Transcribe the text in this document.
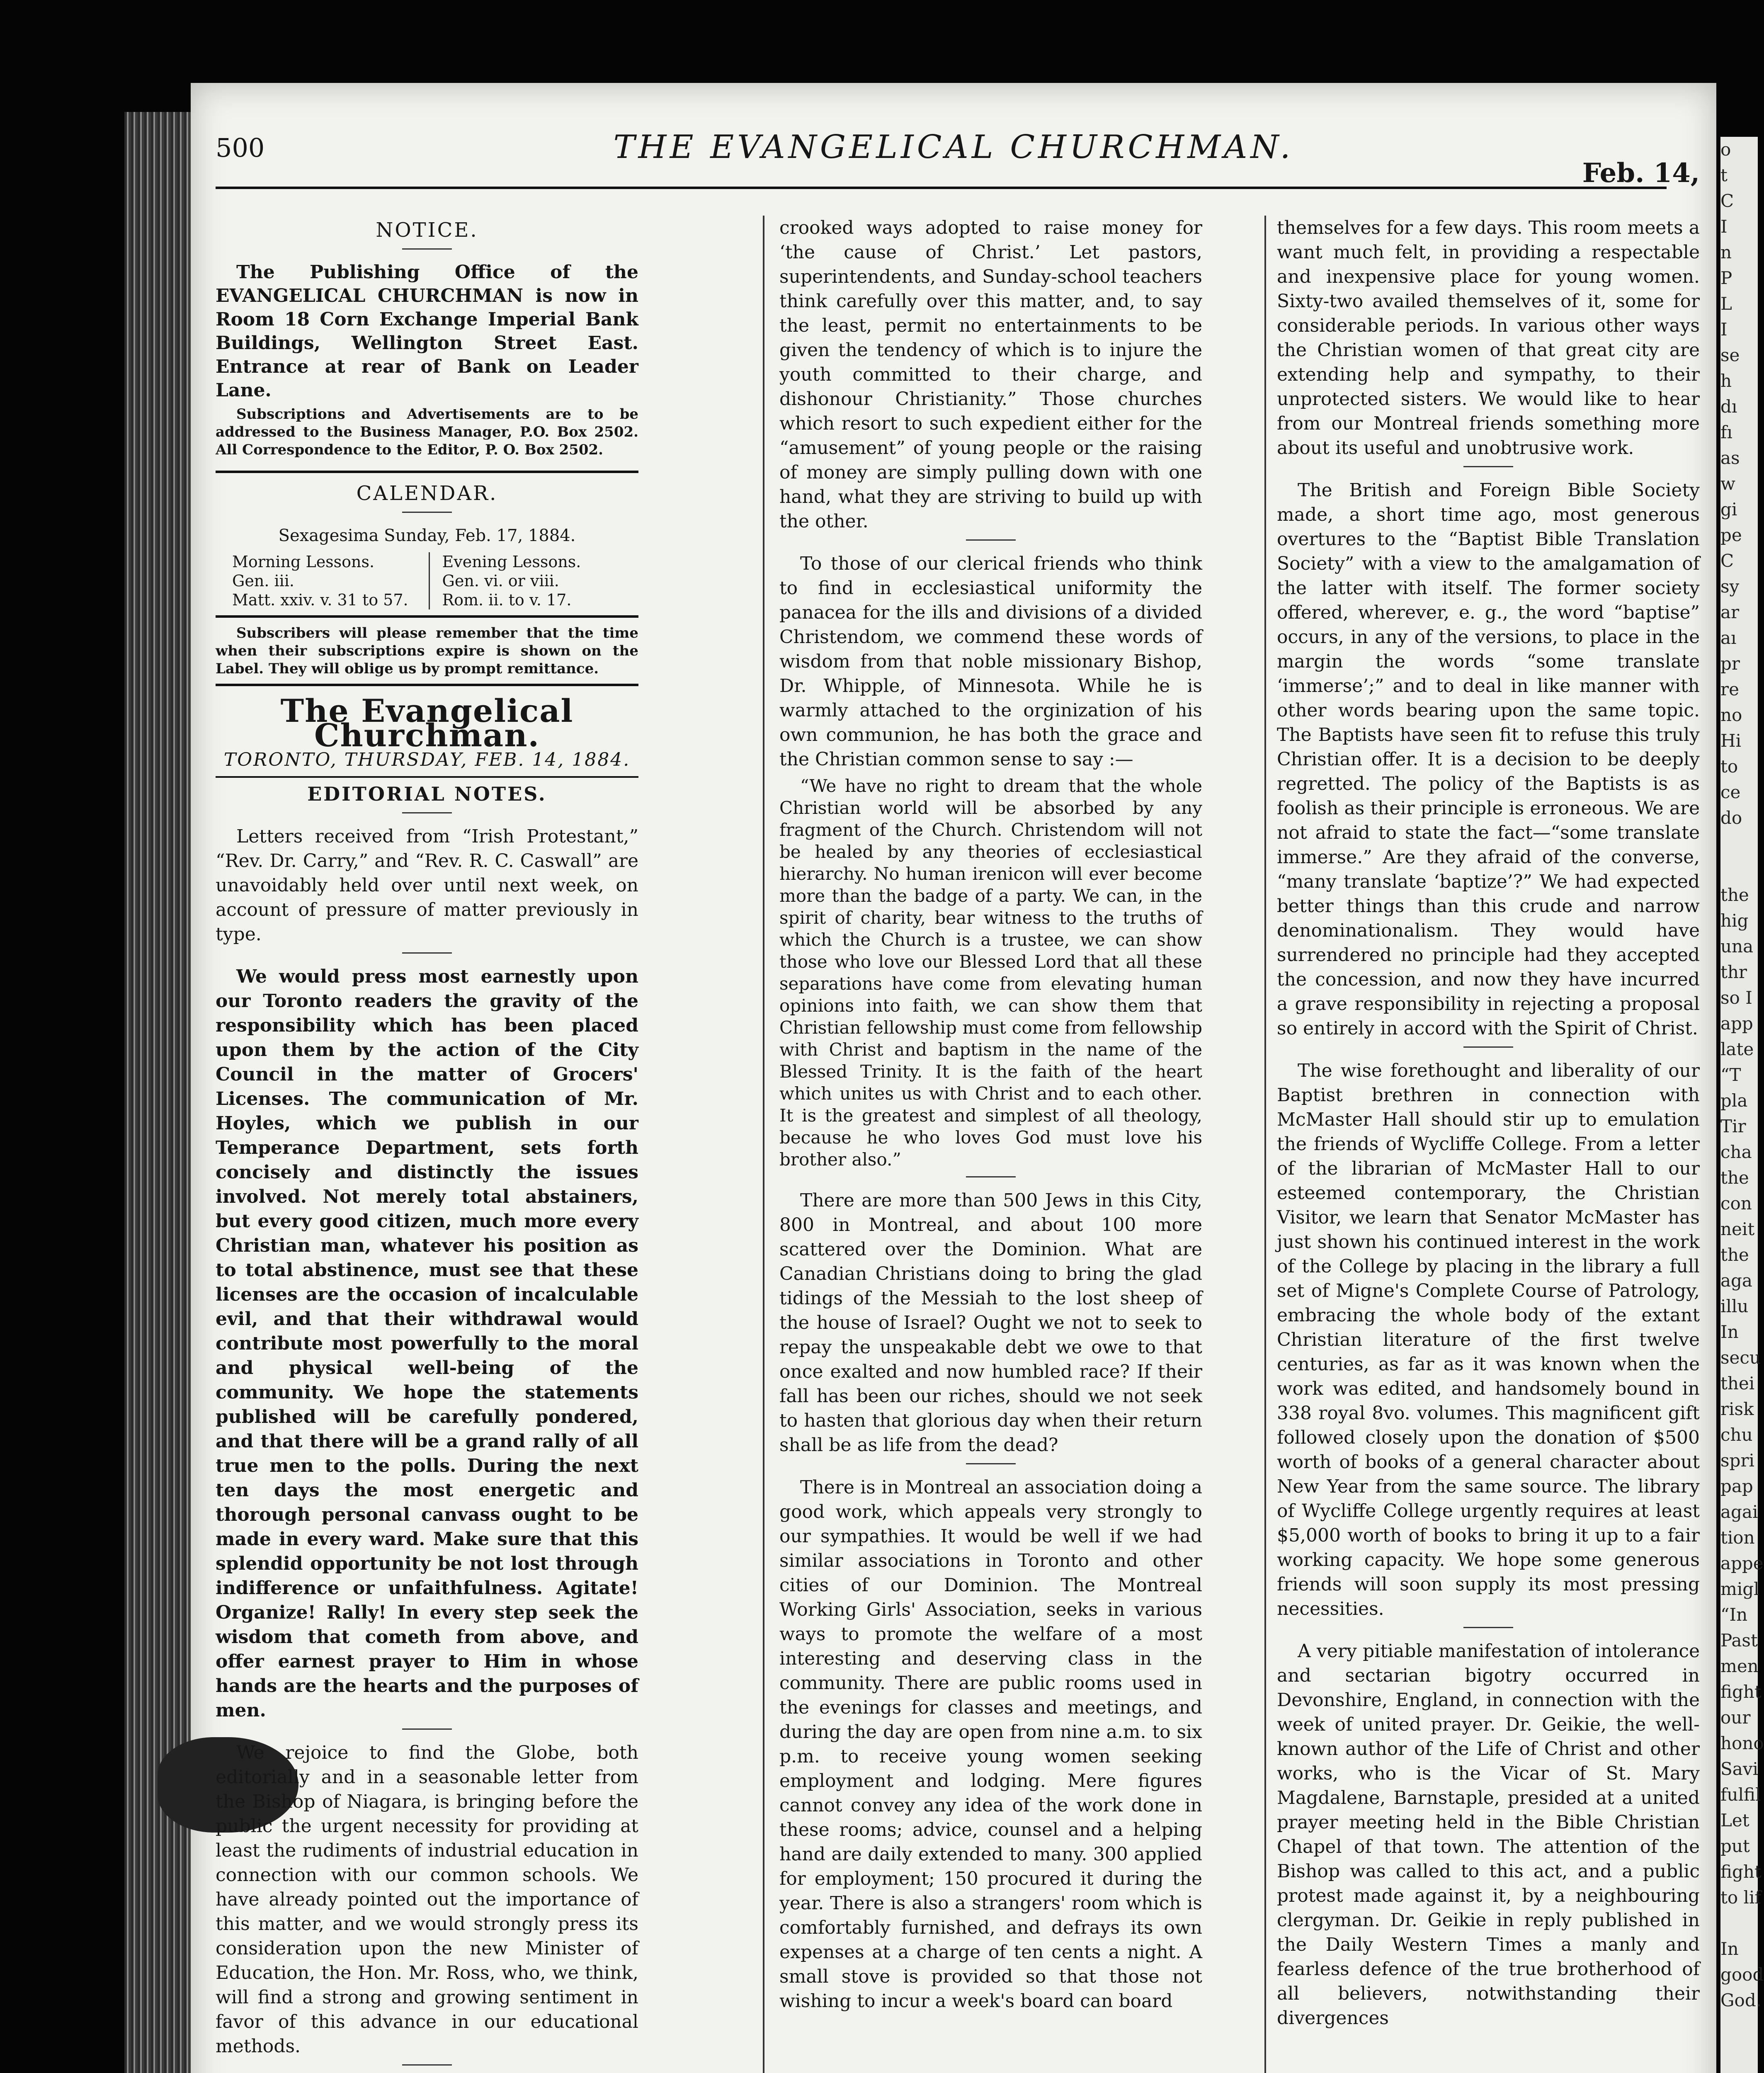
500	THE EVANGELICAL CHURCHMAN.
Feb. 14,
NOTICE.

The Publishing Office of the EVANGELICAL CHURCHMAN is now in Room 18 Corn Exchange Imperial Bank Buildings, Wellington Street East. Entrance at rear of Bank on Leader Lane.

Subscriptions and Advertisements are to be addressed to the Business Manager, P.O. Box 2502. All Correspondence to the Editor, P. O. Box 2502.

CALENDAR.

Sexagesima Sunday, Feb. 17, 1884.

Morning Lessons.
Gen. iii.
Matt. xxiv. v. 31 to 57.
Evening Lessons.
Gen. vi. or viii.
Rom. ii. to v. 17.

Subscribers will please remember that the time when their subscriptions expire is shown on the Label. They will oblige us by prompt remittance.

The Evangelical Churchman.
TORONTO, THURSDAY, FEB. 14, 1884.
EDITORIAL NOTES.

Letters received from “Irish Protestant,” “Rev. Dr. Carry,” and “Rev. R. C. Caswall” are unavoidably held over until next week, on account of pressure of matter previously in type.

We would press most earnestly upon our Toronto readers the gravity of the responsibility which has been placed upon them by the action of the City Council in the matter of Grocers' Licenses. The communication of Mr. Hoyles, which we publish in our Temperance Department, sets forth concisely and distinctly the issues involved. Not merely total abstainers, but every good citizen, much more every Christian man, whatever his position as to total abstinence, must see that these licenses are the occasion of incalculable evil, and that their withdrawal would contribute most powerfully to the moral and physical well-being of the community. We hope the statements published will be carefully pondered, and that there will be a grand rally of all true men to the polls. During the next ten days the most energetic and thorough personal canvass ought to be made in every ward. Make sure that this splendid opportunity be not lost through indifference or unfaithfulness. Agitate! Organize! Rally! In every step seek the wisdom that cometh from above, and offer earnest prayer to Him in whose hands are the hearts and the purposes of men.

We rejoice to find the Globe, both editorially and in a seasonable letter from the Bishop of Niagara, is bringing before the public the urgent necessity for providing at least the rudiments of industrial education in connection with our common schools. We have already pointed out the importance of this matter, and we would strongly press its consideration upon the new Minister of Education, the Hon. Mr. Ross, who, we think, will find a strong and growing sentiment in favor of this advance in our educational methods.

crooked ways adopted to raise money for ‘the cause of Christ.’ Let pastors, superintendents, and Sunday-school teachers think carefully over this matter, and, to say the least, permit no entertainments to be given the tendency of which is to injure the youth committed to their charge, and dishonour Christianity.” Those churches which resort to such expedient either for the “amusement” of young people or the raising of money are simply pulling down with one hand, what they are striving to build up with the other.

To those of our clerical friends who think to find in ecclesiastical uniformity the panacea for the ills and divisions of a divided Christendom, we commend these words of wisdom from that noble missionary Bishop, Dr. Whipple, of Minnesota. While he is warmly attached to the orginization of his own communion, he has both the grace and the Christian common sense to say :—

“We have no right to dream that the whole Christian world will be absorbed by any fragment of the Church. Christendom will not be healed by any theories of ecclesiastical hierarchy. No human irenicon will ever become more than the badge of a party. We can, in the spirit of charity, bear witness to the truths of which the Church is a trustee, we can show those who love our Blessed Lord that all these separations have come from elevating human opinions into faith, we can show them that Christian fellowship must come from fellowship with Christ and baptism in the name of the Blessed Trinity. It is the faith of the heart which unites us with Christ and to each other. It is the greatest and simplest of all theology, because he who loves God must love his brother also.”

There are more than 500 Jews in this City, 800 in Montreal, and about 100 more scattered over the Dominion. What are Canadian Christians doing to bring the glad tidings of the Messiah to the lost sheep of the house of Israel? Ought we not to seek to repay the unspeakable debt we owe to that once exalted and now humbled race? If their fall has been our riches, should we not seek to hasten that glorious day when their return shall be as life from the dead?

There is in Montreal an association doing a good work, which appeals very strongly to our sympathies. It would be well if we had similar associations in Toronto and other cities of our Dominion. The Montreal Working Girls' Association, seeks in various ways to promote the welfare of a most interesting and deserving class in the community. There are public rooms used in the evenings for classes and meetings, and during the day are open from nine a.m. to six p.m. to receive young women seeking employment and lodging. Mere figures cannot convey any idea of the work done in these rooms; advice, counsel and a helping hand are daily extended to many. 300 applied for employment; 150 procured it during the year. There is also a strangers' room which is comfortably furnished, and defrays its own expenses at a charge of ten cents a night. A small stove is provided so that those not wishing to incur a week's board can board

themselves for a few days. This room meets a want much felt, in providing a respectable and inexpensive place for young women. Sixty-two availed themselves of it, some for considerable periods. In various other ways the Christian women of that great city are extending help and sympathy, to their unprotected sisters. We would like to hear from our Montreal friends something more about its useful and unobtrusive work.

The British and Foreign Bible Society made, a short time ago, most generous overtures to the “Baptist Bible Translation Society” with a view to the amalgamation of the latter with itself. The former society offered, wherever, e. g., the word “baptise” occurs, in any of the versions, to place in the margin the words “some translate ‘immerse’;” and to deal in like manner with other words bearing upon the same topic. The Baptists have seen fit to refuse this truly Christian offer. It is a decision to be deeply regretted. The policy of the Baptists is as foolish as their principle is erroneous. We are not afraid to state the fact—“some translate immerse.” Are they afraid of the converse, “many translate ‘baptize’?” We had expected better things than this crude and narrow denominationalism. They would have surrendered no principle had they accepted the concession, and now they have incurred a grave responsibility in rejecting a proposal so entirely in accord with the Spirit of Christ.

The wise forethought and liberality of our Baptist brethren in connection with McMaster Hall should stir up to emulation the friends of Wycliffe College. From a letter of the librarian of McMaster Hall to our esteemed contemporary, the Christian Visitor, we learn that Senator McMaster has just shown his continued interest in the work of the College by placing in the library a full set of Migne's Complete Course of Patrology, embracing the whole body of the extant Christian literature of the first twelve centuries, as far as it was known when the work was edited, and handsomely bound in 338 royal 8vo. volumes. This magnificent gift followed closely upon the donation of $500 worth of books of a general character about New Year from the same source. The library of Wycliffe College urgently requires at least $5,000 worth of books to bring it up to a fair working capacity. We hope some generous friends will soon supply its most pressing necessities.

A very pitiable manifestation of intolerance and sectarian bigotry occurred in Devonshire, England, in connection with the week of united prayer. Dr. Geikie, the well-known author of the Life of Christ and other works, who is the Vicar of St. Mary Magdalene, Barnstaple, presided at a united prayer meeting held in the Bible Christian Chapel of that town. The attention of the Bishop was called to this act, and a public protest made against it, by a neighbouring clergyman. Dr. Geikie in reply published in the Daily Western Times a manly and fearless defence of the true brotherhood of all believers, notwithstanding their divergences

o
t
C
I
n
P
L
I
se
h
dı
fı
as
w
gi
pe
C
sy
ar
aı
pr
re
no
Hi
to
ce
do

the
hig
una
thr
so I
app
late
“T
pla
Tir
cha
the
con
neit
the
aga
illu
In
secu
thei
risk
chu
spri
pap
agai
tion
appe
migl
“In
Past
men
fight
our
hono
Savi
fulfil
Let
put
fight
to lif

In
good
God.
